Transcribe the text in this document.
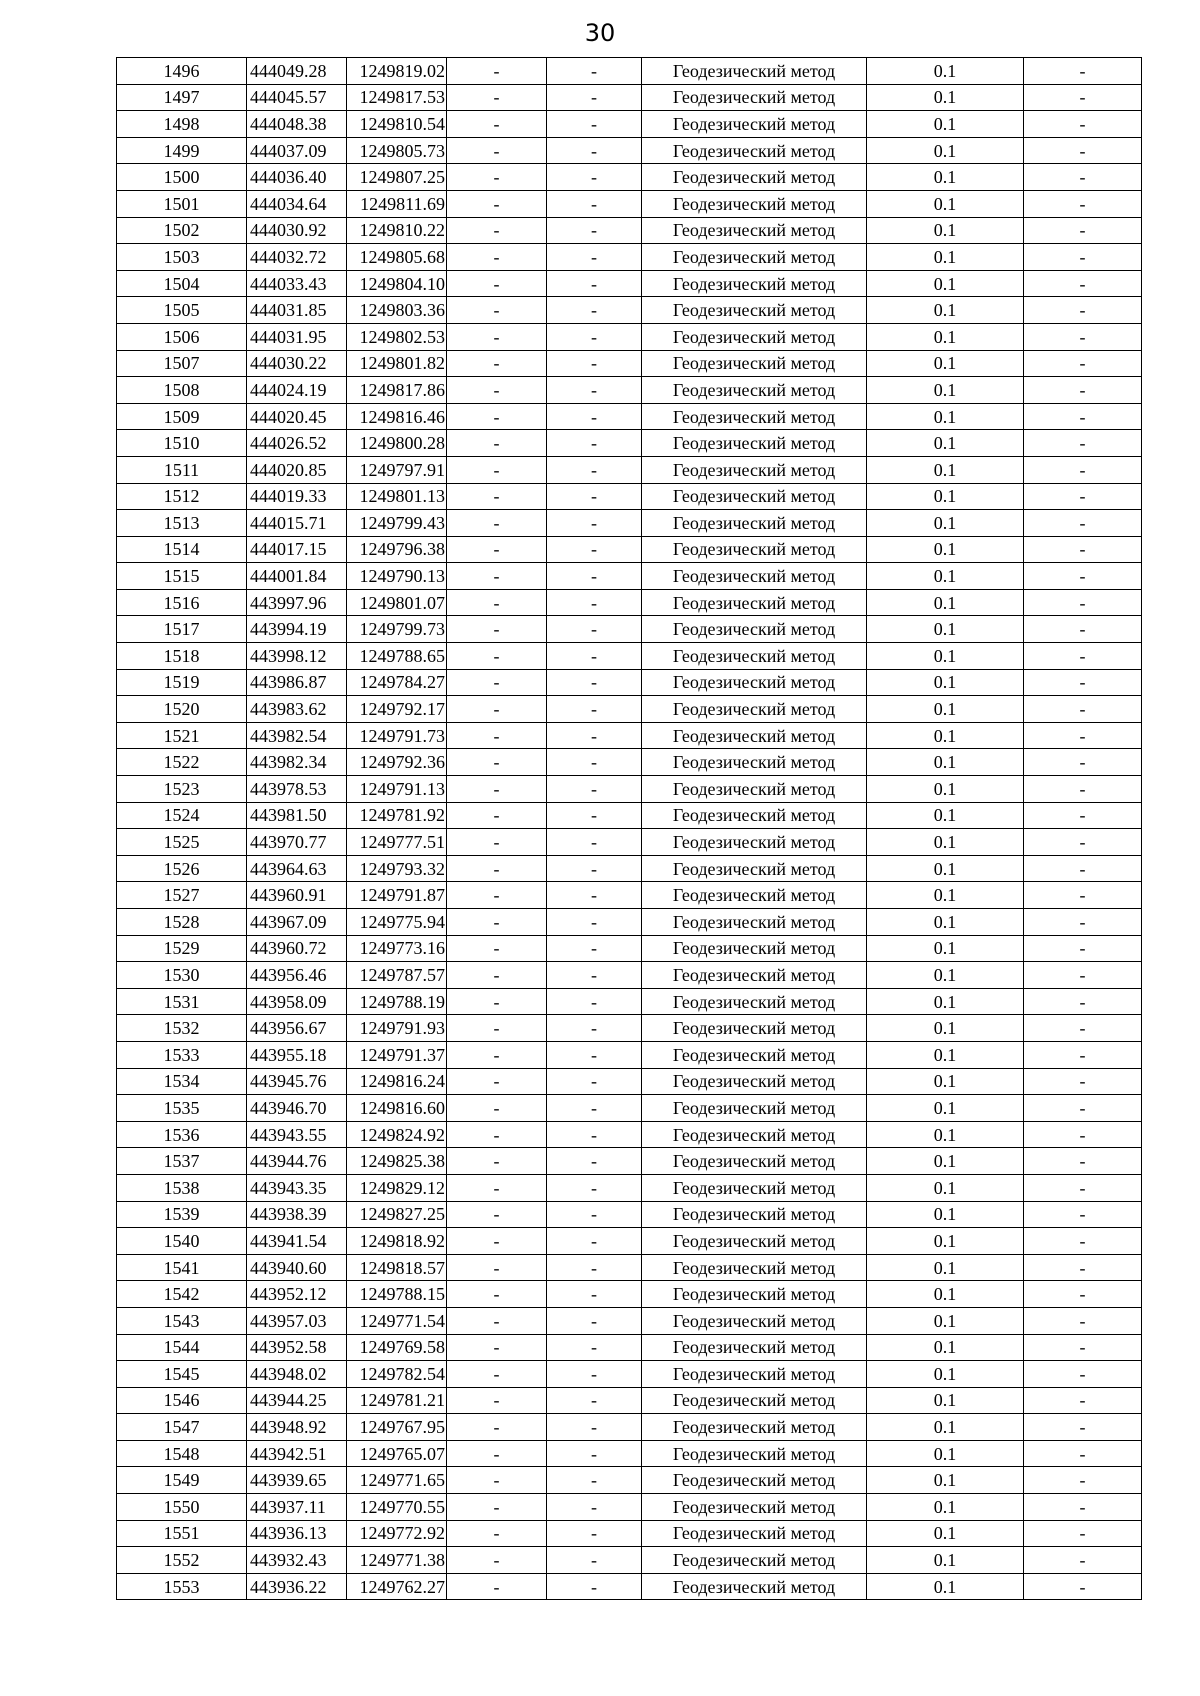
30
1496	444049.28	1249819.02	-	-	Геодезический метод	0.1	-
1497	444045.57	1249817.53	-	-	Геодезический метод	0.1	-
1498	444048.38	1249810.54	-	-	Геодезический метод	0.1	-
1499	444037.09	1249805.73	-	-	Геодезический метод	0.1	-
1500	444036.40	1249807.25	-	-	Геодезический метод	0.1	-
1501	444034.64	1249811.69	-	-	Геодезический метод	0.1	-
1502	444030.92	1249810.22	-	-	Геодезический метод	0.1	-
1503	444032.72	1249805.68	-	-	Геодезический метод	0.1	-
1504	444033.43	1249804.10	-	-	Геодезический метод	0.1	-
1505	444031.85	1249803.36	-	-	Геодезический метод	0.1	-
1506	444031.95	1249802.53	-	-	Геодезический метод	0.1	-
1507	444030.22	1249801.82	-	-	Геодезический метод	0.1	-
1508	444024.19	1249817.86	-	-	Геодезический метод	0.1	-
1509	444020.45	1249816.46	-	-	Геодезический метод	0.1	-
1510	444026.52	1249800.28	-	-	Геодезический метод	0.1	-
1511	444020.85	1249797.91	-	-	Геодезический метод	0.1	-
1512	444019.33	1249801.13	-	-	Геодезический метод	0.1	-
1513	444015.71	1249799.43	-	-	Геодезический метод	0.1	-
1514	444017.15	1249796.38	-	-	Геодезический метод	0.1	-
1515	444001.84	1249790.13	-	-	Геодезический метод	0.1	-
1516	443997.96	1249801.07	-	-	Геодезический метод	0.1	-
1517	443994.19	1249799.73	-	-	Геодезический метод	0.1	-
1518	443998.12	1249788.65	-	-	Геодезический метод	0.1	-
1519	443986.87	1249784.27	-	-	Геодезический метод	0.1	-
1520	443983.62	1249792.17	-	-	Геодезический метод	0.1	-
1521	443982.54	1249791.73	-	-	Геодезический метод	0.1	-
1522	443982.34	1249792.36	-	-	Геодезический метод	0.1	-
1523	443978.53	1249791.13	-	-	Геодезический метод	0.1	-
1524	443981.50	1249781.92	-	-	Геодезический метод	0.1	-
1525	443970.77	1249777.51	-	-	Геодезический метод	0.1	-
1526	443964.63	1249793.32	-	-	Геодезический метод	0.1	-
1527	443960.91	1249791.87	-	-	Геодезический метод	0.1	-
1528	443967.09	1249775.94	-	-	Геодезический метод	0.1	-
1529	443960.72	1249773.16	-	-	Геодезический метод	0.1	-
1530	443956.46	1249787.57	-	-	Геодезический метод	0.1	-
1531	443958.09	1249788.19	-	-	Геодезический метод	0.1	-
1532	443956.67	1249791.93	-	-	Геодезический метод	0.1	-
1533	443955.18	1249791.37	-	-	Геодезический метод	0.1	-
1534	443945.76	1249816.24	-	-	Геодезический метод	0.1	-
1535	443946.70	1249816.60	-	-	Геодезический метод	0.1	-
1536	443943.55	1249824.92	-	-	Геодезический метод	0.1	-
1537	443944.76	1249825.38	-	-	Геодезический метод	0.1	-
1538	443943.35	1249829.12	-	-	Геодезический метод	0.1	-
1539	443938.39	1249827.25	-	-	Геодезический метод	0.1	-
1540	443941.54	1249818.92	-	-	Геодезический метод	0.1	-
1541	443940.60	1249818.57	-	-	Геодезический метод	0.1	-
1542	443952.12	1249788.15	-	-	Геодезический метод	0.1	-
1543	443957.03	1249771.54	-	-	Геодезический метод	0.1	-
1544	443952.58	1249769.58	-	-	Геодезический метод	0.1	-
1545	443948.02	1249782.54	-	-	Геодезический метод	0.1	-
1546	443944.25	1249781.21	-	-	Геодезический метод	0.1	-
1547	443948.92	1249767.95	-	-	Геодезический метод	0.1	-
1548	443942.51	1249765.07	-	-	Геодезический метод	0.1	-
1549	443939.65	1249771.65	-	-	Геодезический метод	0.1	-
1550	443937.11	1249770.55	-	-	Геодезический метод	0.1	-
1551	443936.13	1249772.92	-	-	Геодезический метод	0.1	-
1552	443932.43	1249771.38	-	-	Геодезический метод	0.1	-
1553	443936.22	1249762.27	-	-	Геодезический метод	0.1	-
